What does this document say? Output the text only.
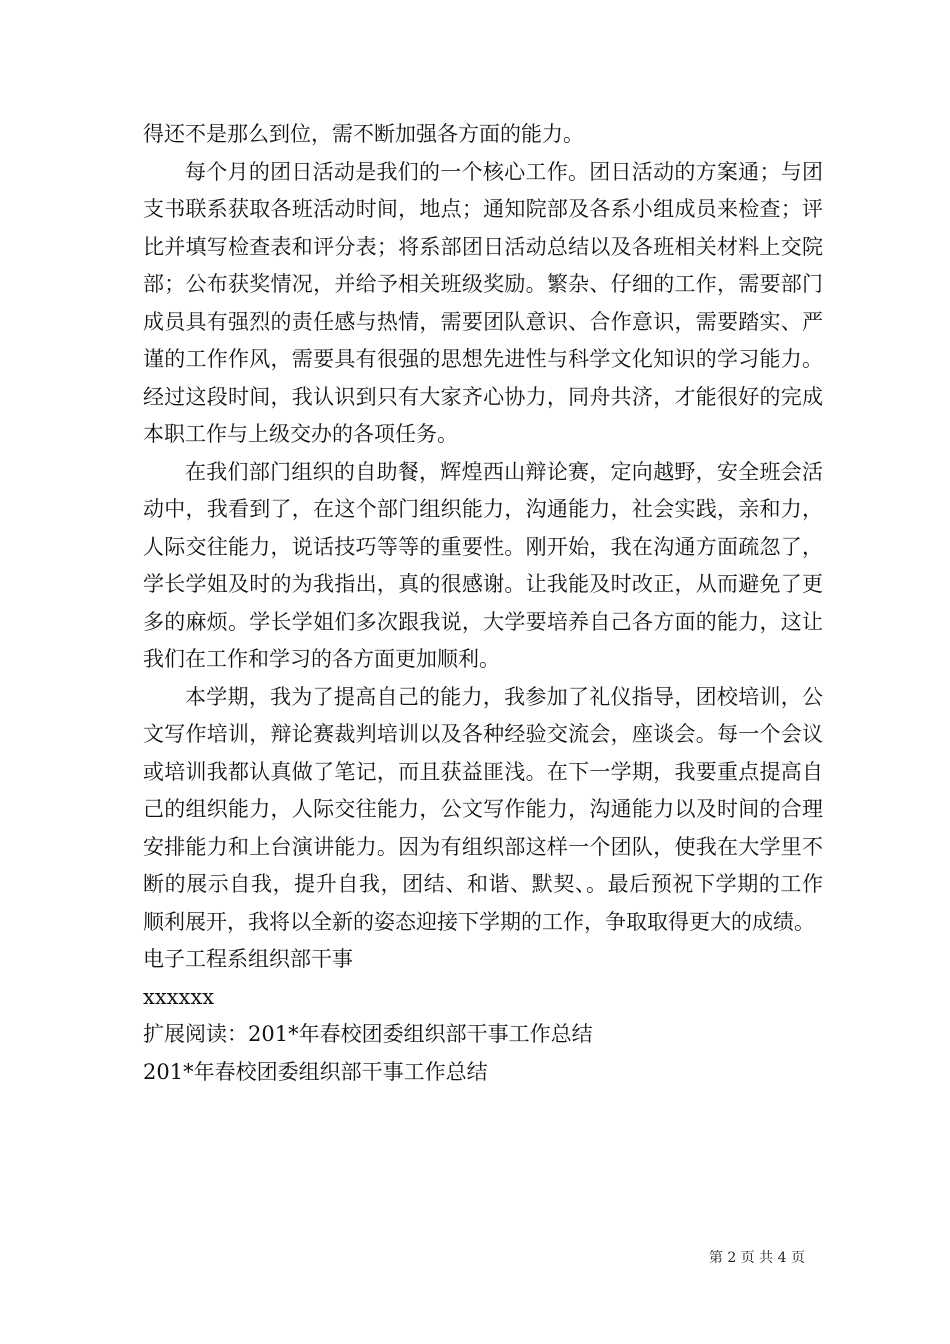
得还不是那么到位，需不断加强各方面的能力。

每个月的团日活动是我们的一个核心工作。团日活动的方案通；与团支书联系获取各班活动时间，地点；通知院部及各系小组成员来检查；评比并填写检查表和评分表；将系部团日活动总结以及各班相关材料上交院部；公布获奖情况，并给予相关班级奖励。繁杂、仔细的工作，需要部门成员具有强烈的责任感与热情，需要团队意识、合作意识，需要踏实、严谨的工作作风，需要具有很强的思想先进性与科学文化知识的学习能力。经过这段时间，我认识到只有大家齐心协力，同舟共济，才能很好的完成本职工作与上级交办的各项任务。

在我们部门组织的自助餐，辉煌西山辩论赛，定向越野，安全班会活动中，我看到了，在这个部门组织能力，沟通能力，社会实践，亲和力，人际交往能力，说话技巧等等的重要性。刚开始，我在沟通方面疏忽了，学长学姐及时的为我指出，真的很感谢。让我能及时改正，从而避免了更多的麻烦。学长学姐们多次跟我说，大学要培养自己各方面的能力，这让我们在工作和学习的各方面更加顺利。

本学期，我为了提高自己的能力，我参加了礼仪指导，团校培训，公文写作培训，辩论赛裁判培训以及各种经验交流会，座谈会。每一个会议或培训我都认真做了笔记，而且获益匪浅。在下一学期，我要重点提高自己的组织能力，人际交往能力，公文写作能力，沟通能力以及时间的合理安排能力和上台演讲能力。因为有组织部这样一个团队，使我在大学里不断的展示自我，提升自我，团结、和谐、默契、。最后预祝下学期的工作顺利展开，我将以全新的姿态迎接下学期的工作，争取取得更大的成绩。

电子工程系组织部干事

xxxxxx

扩展阅读：201*年春校团委组织部干事工作总结

201*年春校团委组织部干事工作总结

第 2 页 共 4 页
